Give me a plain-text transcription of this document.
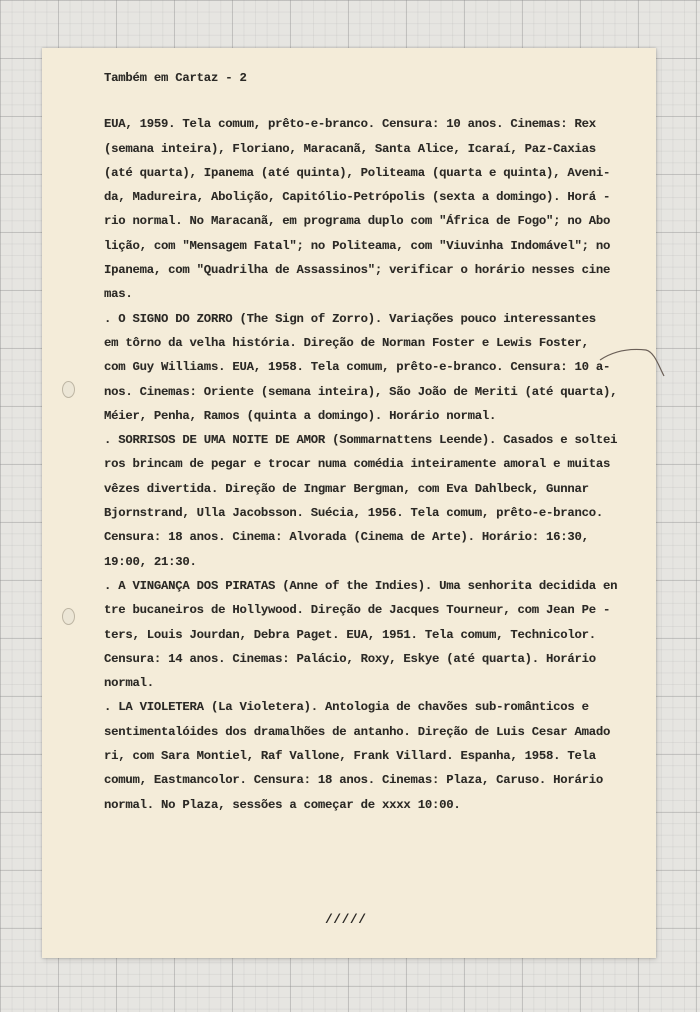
Também em Cartaz - 2
EUA, 1959. Tela comum, prêto-e-branco. Censura: 10 anos. Cinemas: Rex
(semana inteira), Floriano, Maracanã, Santa Alice, Icaraí, Paz-Caxias
(até quarta), Ipanema (até quinta), Politeama (quarta e quinta), Aveni-
da, Madureira, Abolição, Capitólio-Petrópolis (sexta a domingo). Horá -
rio normal. No Maracanã, em programa duplo com "África de Fogo"; no Abo
lição, com "Mensagem Fatal"; no Politeama, com "Viuvinha Indomável"; no
Ipanema, com "Quadrilha de Assassinos"; verificar o horário nesses cine
mas.
. O SIGNO DO ZORRO (The Sign of Zorro). Variações pouco interessantes
em tôrno da velha história. Direção de Norman Foster e Lewis Foster,
com Guy Williams. EUA, 1958. Tela comum, prêto-e-branco. Censura: 10 a-
nos. Cinemas: Oriente (semana inteira), São João de Meriti (até quarta),
Méier, Penha, Ramos (quinta a domingo). Horário normal.
. SORRISOS DE UMA NOITE DE AMOR (Sommarnattens Leende). Casados e soltei
ros brincam de pegar e trocar numa comédia inteiramente amoral e muitas
vêzes divertida. Direção de Ingmar Bergman, com Eva Dahlbeck, Gunnar
Bjornstrand, Ulla Jacobsson. Suécia, 1956. Tela comum, prêto-e-branco.
Censura: 18 anos. Cinema: Alvorada (Cinema de Arte). Horário: 16:30,
19:00, 21:30.
. A VINGANÇA DOS PIRATAS (Anne of the Indies). Uma senhorita decidida en
tre bucaneiros de Hollywood. Direção de Jacques Tourneur, com Jean Pe -
ters, Louis Jourdan, Debra Paget. EUA, 1951. Tela comum, Technicolor.
Censura: 14 anos. Cinemas: Palácio, Roxy, Eskye (até quarta). Horário
normal.
. LA VIOLETERA (La Violetera). Antologia de chavões sub-românticos e
sentimentalóides dos dramalhões de antanho. Direção de Luis Cesar Amado
ri, com Sara Montiel, Raf Vallone, Frank Villard. Espanha, 1958. Tela
comum, Eastmancolor. Censura: 18 anos. Cinemas: Plaza, Caruso. Horário
normal. No Plaza, sessões a começar de xxxx 10:00.
/////
